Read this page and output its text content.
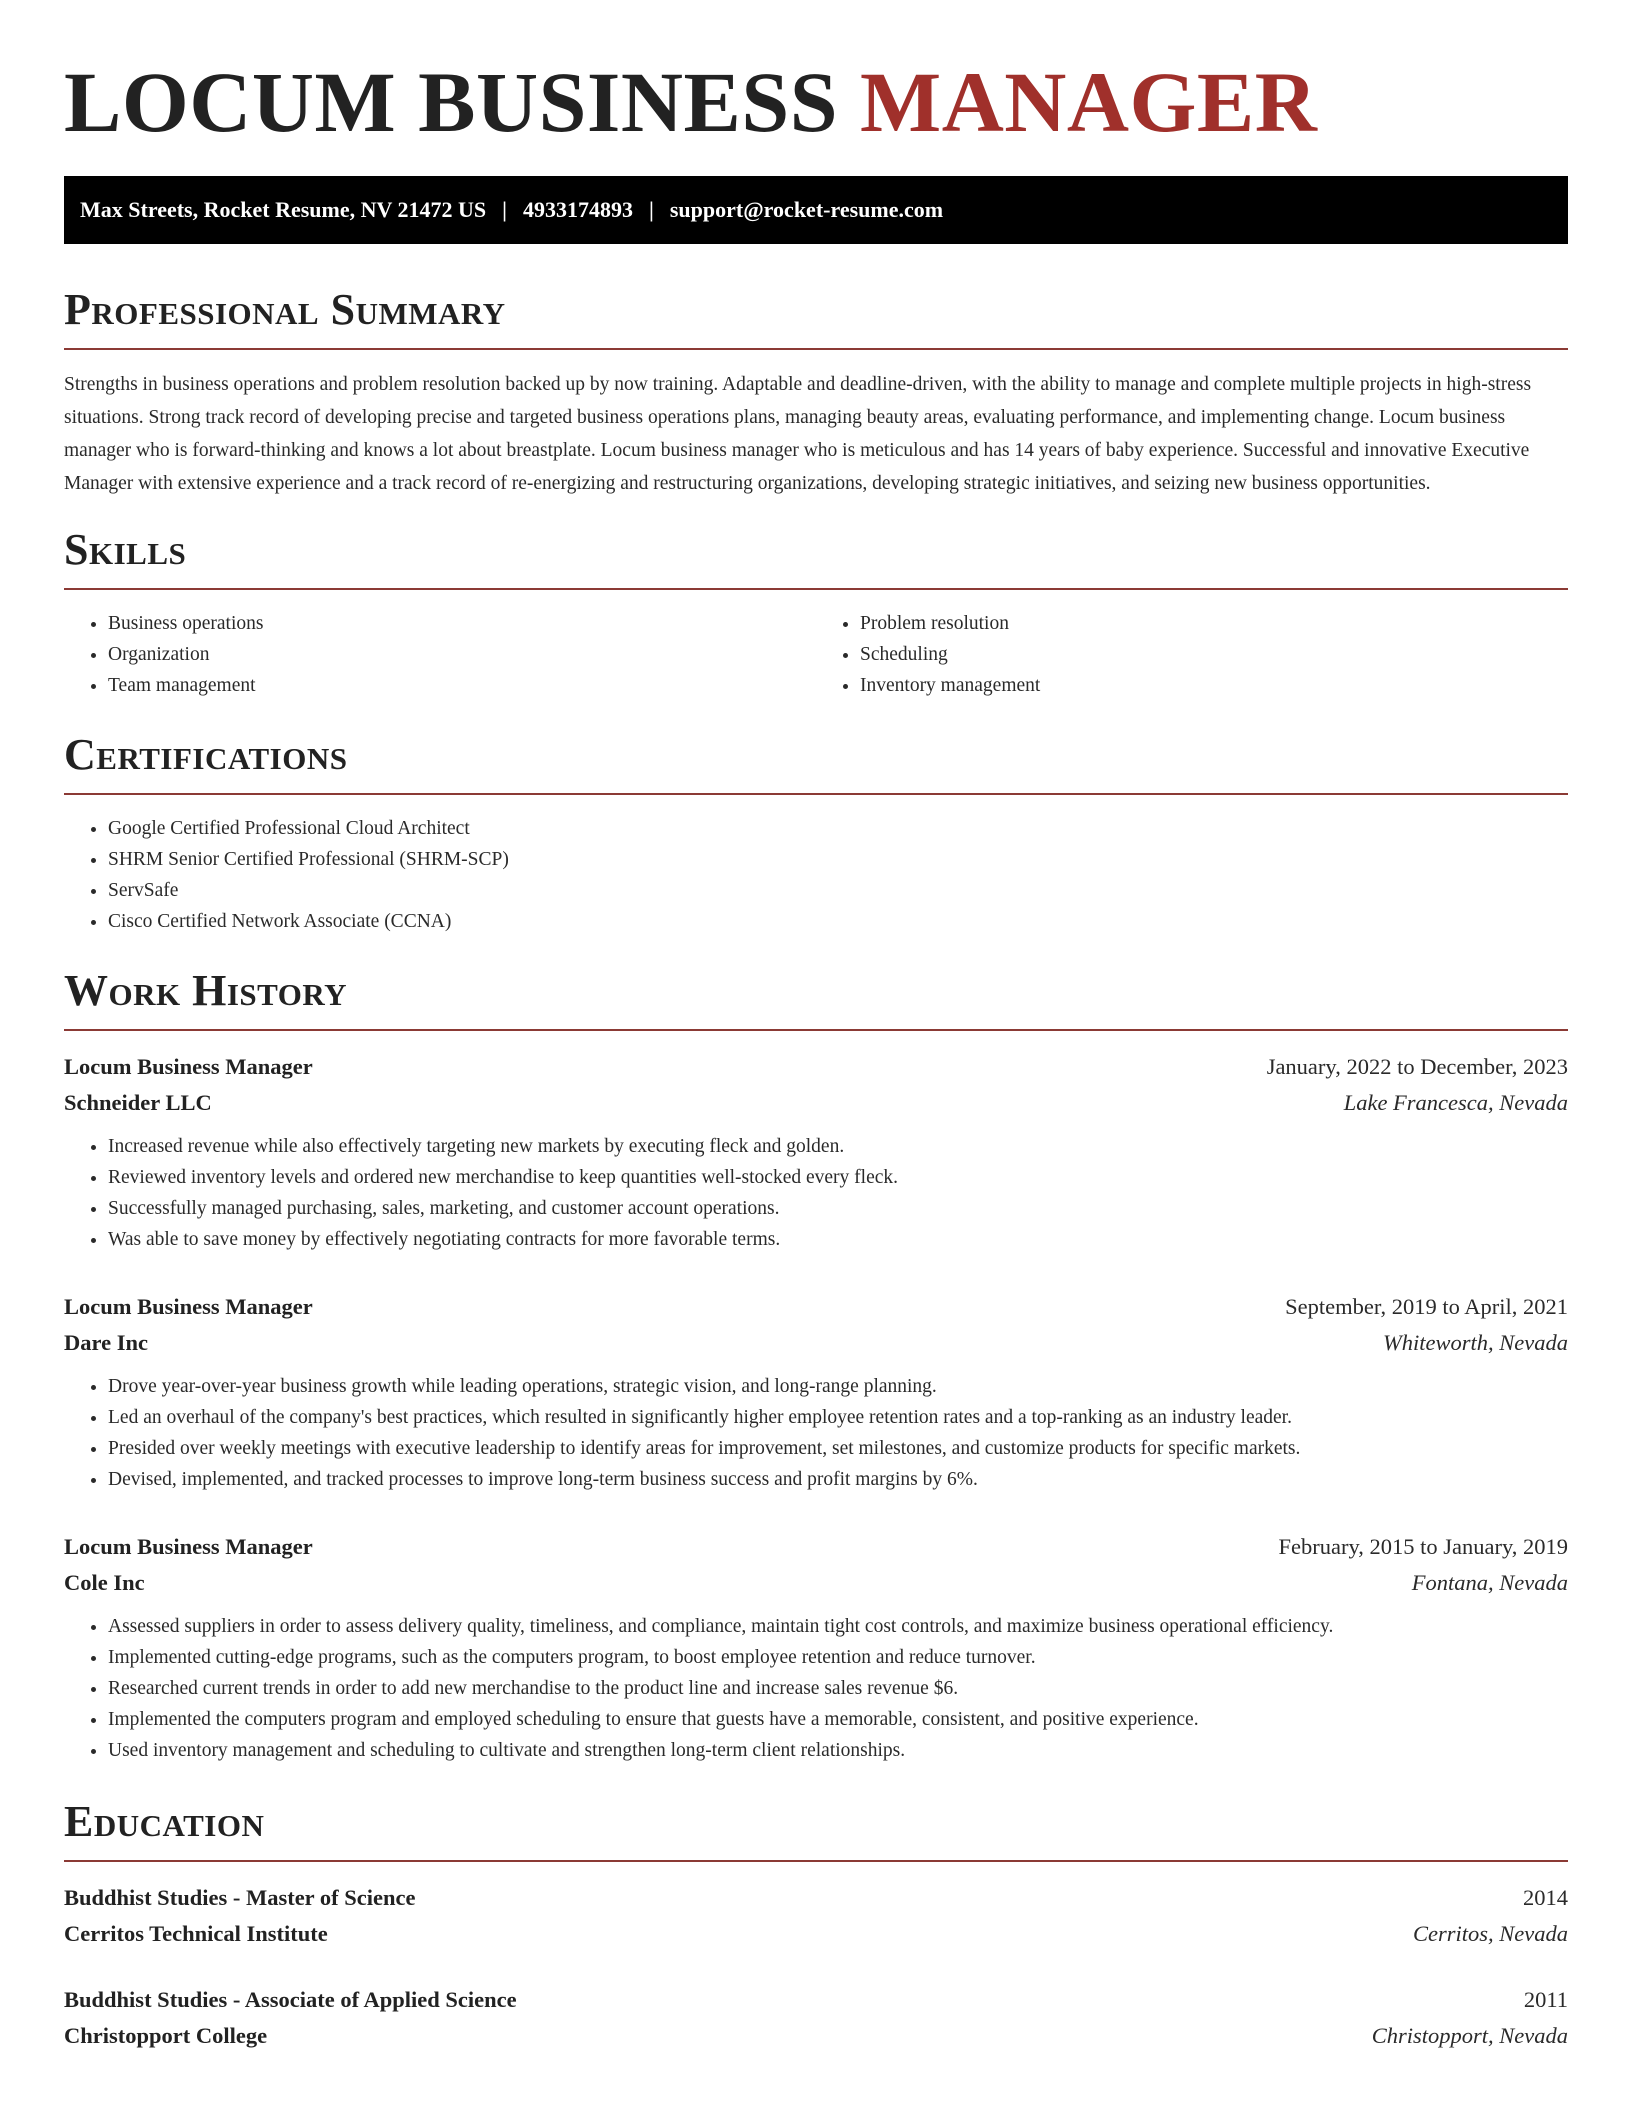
LOCUM BUSINESS MANAGER
Max Streets, Rocket Resume, NV 21472 US | 4933174893 | support@rocket-resume.com
Professional Summary

Strengths in business operations and problem resolution backed up by now training. Adaptable and deadline-driven, with the ability to manage and complete multiple projects in high-stress situations. Strong track record of developing precise and targeted business operations plans, managing beauty areas, evaluating performance, and implementing change. Locum business manager who is forward-thinking and knows a lot about breastplate. Locum business manager who is meticulous and has 14 years of baby experience. Successful and innovative Executive Manager with extensive experience and a track record of re-energizing and restructuring organizations, developing strategic initiatives, and seizing new business opportunities.

Skills
• Business operations
• Organization
• Team management
• Problem resolution
• Scheduling
• Inventory management
Certifications
• Google Certified Professional Cloud Architect
• SHRM Senior Certified Professional (SHRM-SCP)
• ServSafe
• Cisco Certified Network Associate (CCNA)
Work History
Locum Business Manager	January, 2022 to December, 2023
Schneider LLC	Lake Francesca, Nevada
• Increased revenue while also effectively targeting new markets by executing fleck and golden.
• Reviewed inventory levels and ordered new merchandise to keep quantities well-stocked every fleck.
• Successfully managed purchasing, sales, marketing, and customer account operations.
• Was able to save money by effectively negotiating contracts for more favorable terms.
Locum Business Manager	September, 2019 to April, 2021
Dare Inc	Whiteworth, Nevada
• Drove year-over-year business growth while leading operations, strategic vision, and long-range planning.
• Led an overhaul of the company's best practices, which resulted in significantly higher employee retention rates and a top-ranking as an industry leader.
• Presided over weekly meetings with executive leadership to identify areas for improvement, set milestones, and customize products for specific markets.
• Devised, implemented, and tracked processes to improve long-term business success and profit margins by 6%.
Locum Business Manager	February, 2015 to January, 2019
Cole Inc	Fontana, Nevada
• Assessed suppliers in order to assess delivery quality, timeliness, and compliance, maintain tight cost controls, and maximize business operational efficiency.
• Implemented cutting-edge programs, such as the computers program, to boost employee retention and reduce turnover.
• Researched current trends in order to add new merchandise to the product line and increase sales revenue $6.
• Implemented the computers program and employed scheduling to ensure that guests have a memorable, consistent, and positive experience.
• Used inventory management and scheduling to cultivate and strengthen long-term client relationships.
Education
Buddhist Studies - Master of Science	2014
Cerritos Technical Institute	Cerritos, Nevada
Buddhist Studies - Associate of Applied Science	2011
Christopport College	Christopport, Nevada
